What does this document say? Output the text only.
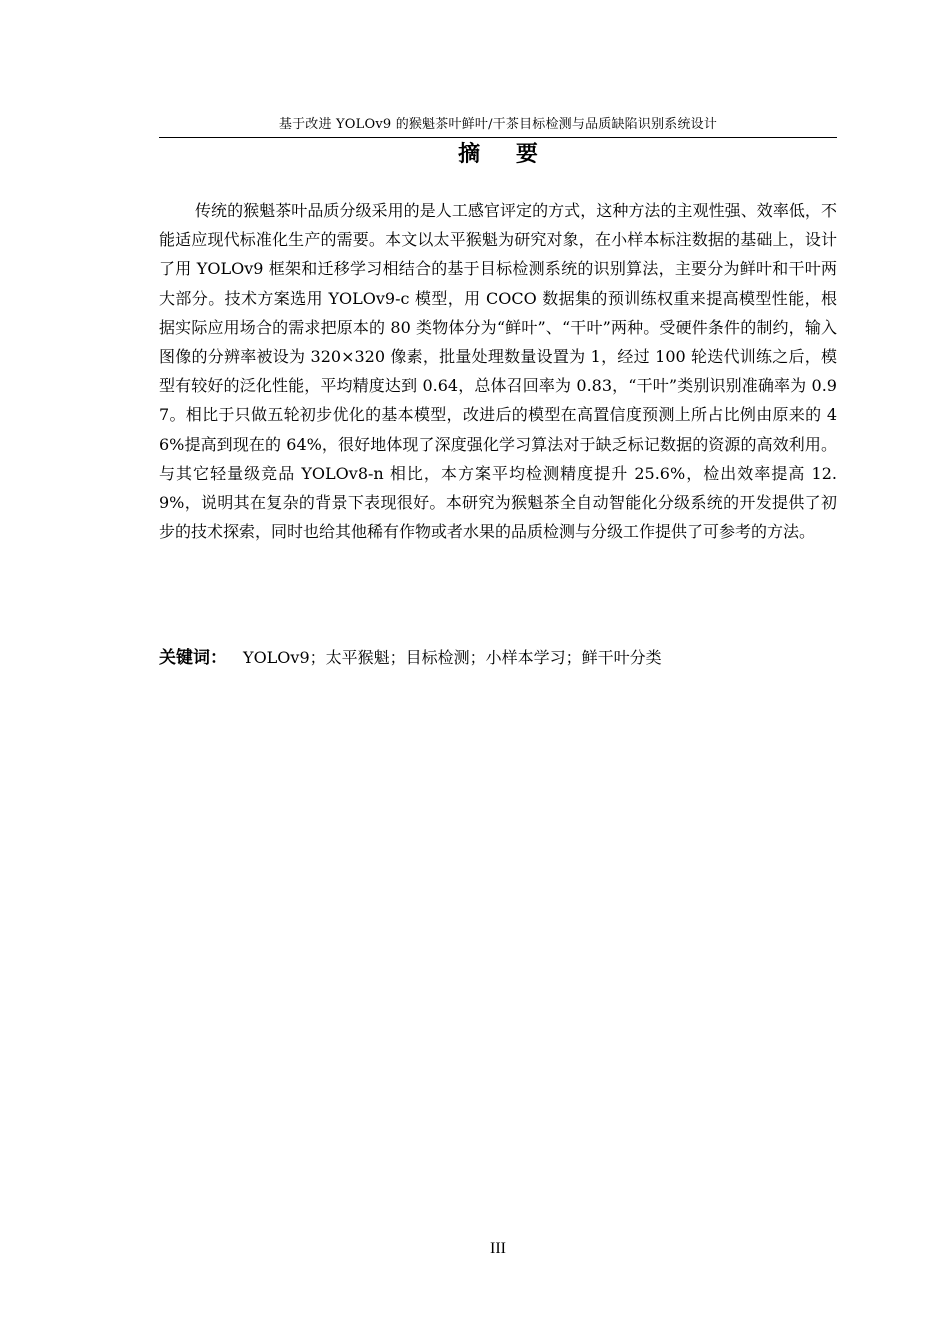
基于改进 YOLOv9 的猴魁茶叶鲜叶/干茶目标检测与品质缺陷识别系统设计
摘 要

传统的猴魁茶叶品质分级采用的是人工感官评定的方式，这种方法的主观性强、效率低，不能适应现代标准化生产的需要。本文以太平猴魁为研究对象，在小样本标注数据的基础上，设计了用 YOLOv9 框架和迁移学习相结合的基于目标检测系统的识别算法，主要分为鲜叶和干叶两大部分。技术方案选用 YOLOv9-c 模型，用 COCO 数据集的预训练权重来提高模型性能，根据实际应用场合的需求把原本的 80 类物体分为“鲜叶”、“干叶”两种。受硬件条件的制约，输入图像的分辨率被设为 320×320 像素，批量处理数量设置为 1，经过 100 轮迭代训练之后，模型有较好的泛化性能，平均精度达到 0.64，总体召回率为 0.83，“干叶”类别识别准确率为 0.97。相比于只做五轮初步优化的基本模型，改进后的模型在高置信度预测上所占比例由原来的 46%提高到现在的 64%，很好地体现了深度强化学习算法对于缺乏标记数据的资源的高效利用。与其它轻量级竞品 YOLOv8-n 相比，本方案平均检测精度提升 25.6%，检出效率提高 12.9%，说明其在复杂的背景下表现很好。本研究为猴魁茶全自动智能化分级系统的开发提供了初步的技术探索，同时也给其他稀有作物或者水果的品质检测与分级工作提供了可参考的方法。

关键词： YOLOv9；太平猴魁；目标检测；小样本学习；鲜干叶分类
III
